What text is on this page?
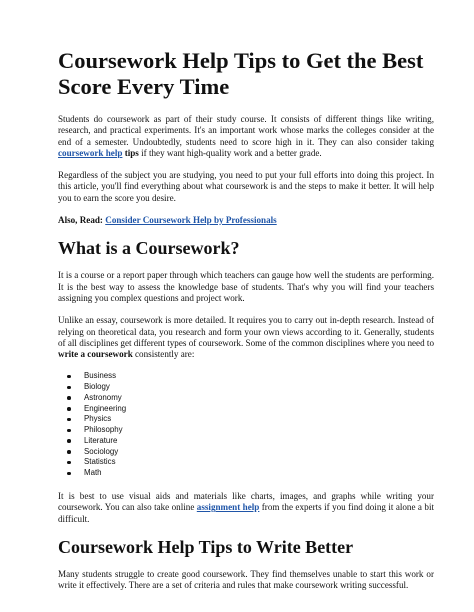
Coursework Help Tips to Get the Best Score Every Time

Students do coursework as part of their study course. It consists of different things like writing, research, and practical experiments. It's an important work whose marks the colleges consider at the end of a semester. Undoubtedly, students need to score high in it. They can also consider taking coursework help tips if they want high-quality work and a better grade.

Regardless of the subject you are studying, you need to put your full efforts into doing this project. In this article, you'll find everything about what coursework is and the steps to make it better. It will help you to earn the score you desire.

Also, Read: Consider Coursework Help by Professionals

What is a Coursework?

It is a course or a report paper through which teachers can gauge how well the students are performing. It is the best way to assess the knowledge base of students. That's why you will find your teachers assigning you complex questions and project work.

Unlike an essay, coursework is more detailed. It requires you to carry out in-depth research. Instead of relying on theoretical data, you research and form your own views according to it. Generally, students of all disciplines get different types of coursework. Some of the common disciplines where you need to write a coursework consistently are:

Business
Biology
Astronomy
Engineering
Physics
Philosophy
Literature
Sociology
Statistics
Math

It is best to use visual aids and materials like charts, images, and graphs while writing your coursework. You can also take online assignment help from the experts if you find doing it alone a bit difficult.

Coursework Help Tips to Write Better

Many students struggle to create good coursework. They find themselves unable to start this work or write it effectively. There are a set of criteria and rules that make coursework writing successful.
